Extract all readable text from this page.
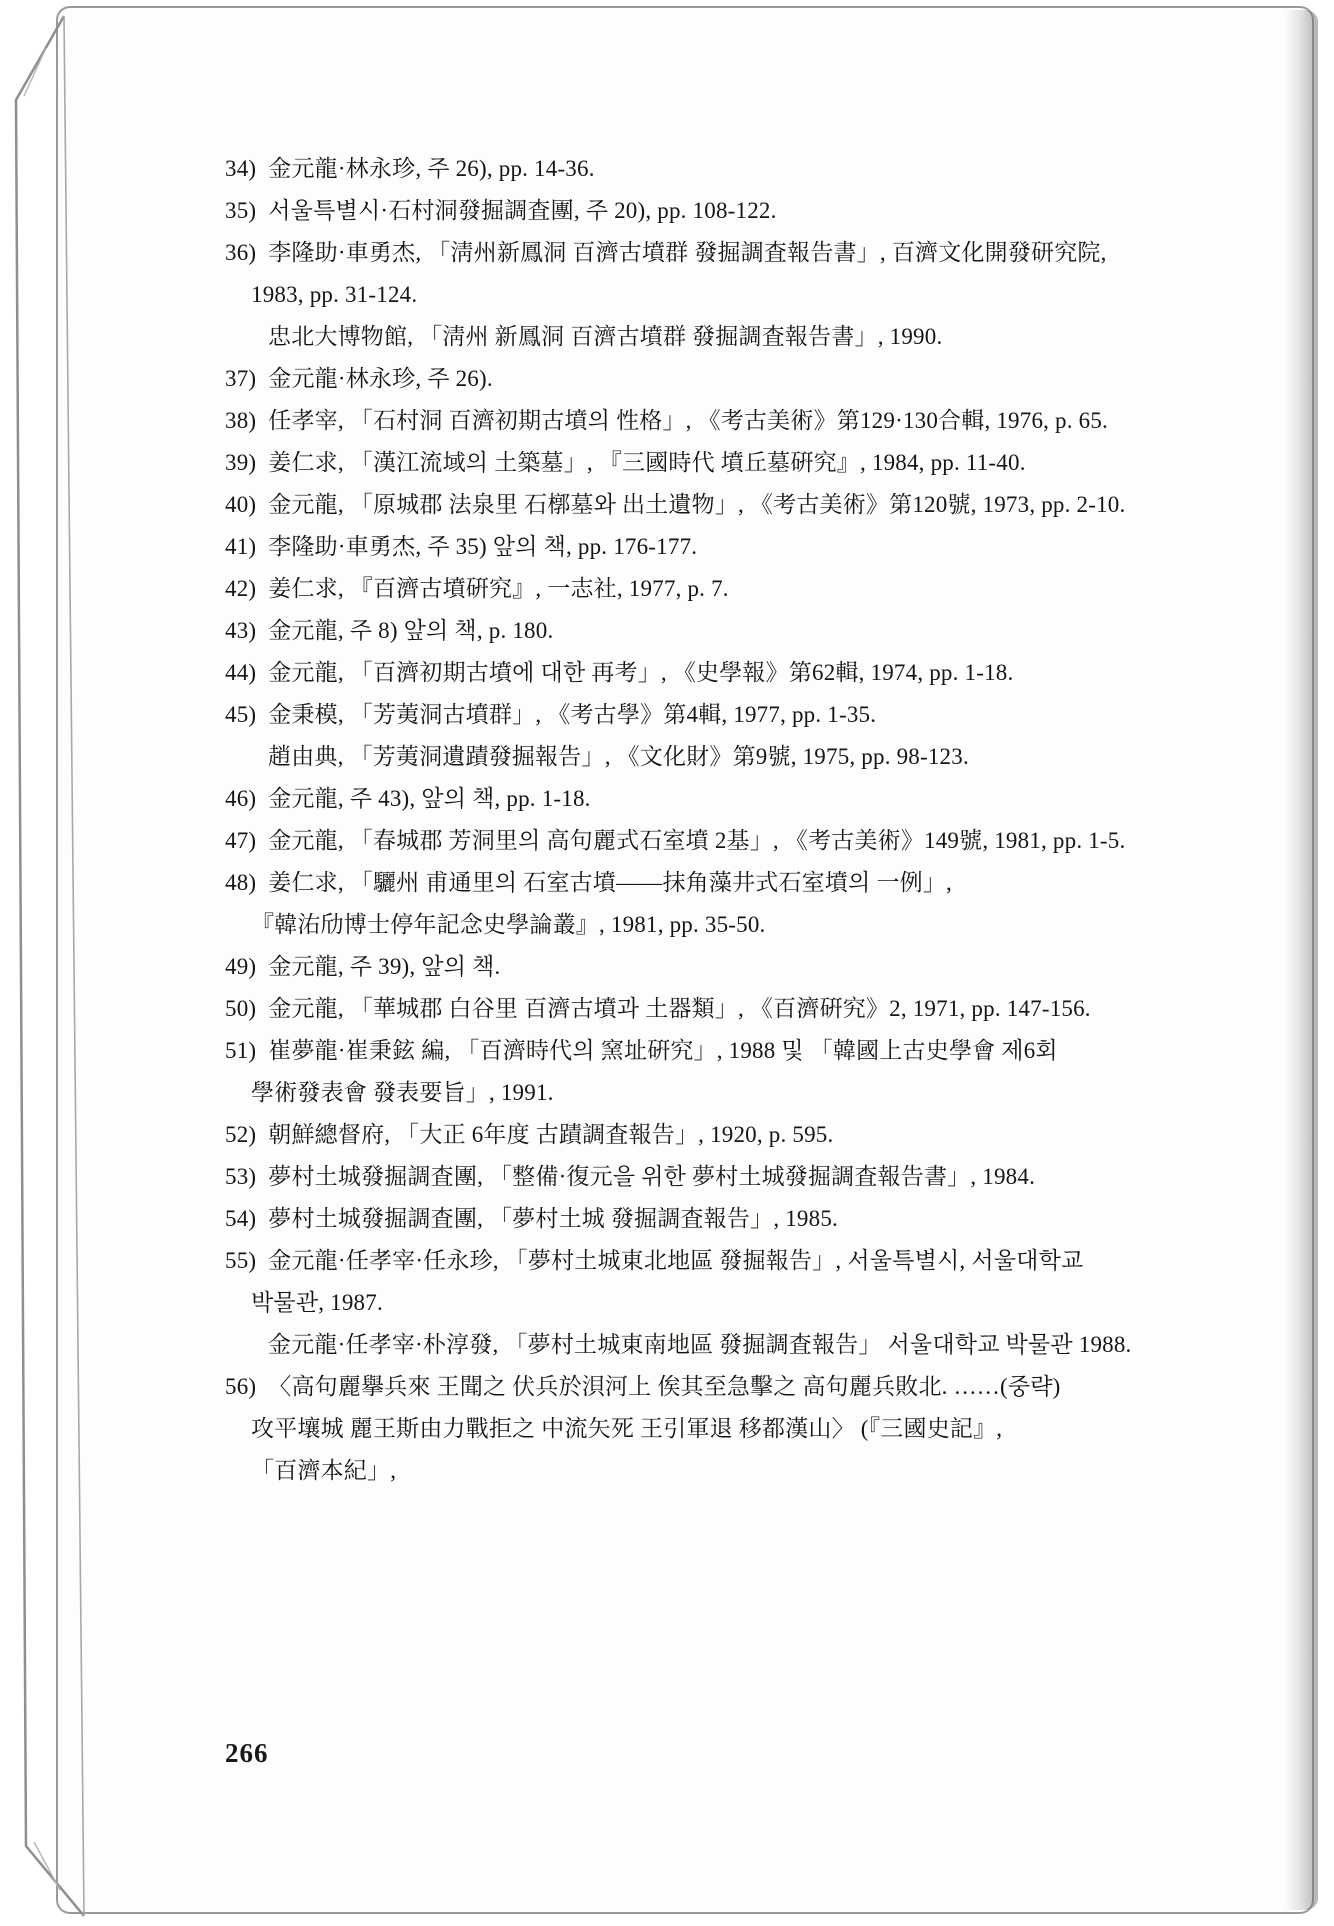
34) 金元龍·林永珍, 주 26), pp. 14-36.

35) 서울특별시·石村洞發掘調査團, 주 20), pp. 108-122.

36) 李隆助·車勇杰, 「淸州新鳳洞 百濟古墳群 發掘調査報告書」, 百濟文化開發研究院, 1983, pp. 31-124.

忠北大博物館, 「淸州 新鳳洞 百濟古墳群 發掘調査報告書」, 1990.

37) 金元龍·林永珍, 주 26).

38) 任孝宰, 「石村洞 百濟初期古墳의 性格」, 《考古美術》第129·130合輯, 1976, p. 65.

39) 姜仁求, 「漢江流域의 土築墓」, 『三國時代 墳丘墓硏究』, 1984, pp. 11-40.

40) 金元龍, 「原城郡 法泉里 石槨墓와 出土遺物」, 《考古美術》第120號, 1973, pp. 2-10.

41) 李隆助·車勇杰, 주 35) 앞의 책, pp. 176-177.

42) 姜仁求, 『百濟古墳硏究』, 一志社, 1977, p. 7.

43) 金元龍, 주 8) 앞의 책, p. 180.

44) 金元龍, 「百濟初期古墳에 대한 再考」, 《史學報》第62輯, 1974, pp. 1-18.

45) 金秉模, 「芳荑洞古墳群」, 《考古學》第4輯, 1977, pp. 1-35.

趙由典, 「芳荑洞遺蹟發掘報告」, 《文化財》第9號, 1975, pp. 98-123.

46) 金元龍, 주 43), 앞의 책, pp. 1-18.

47) 金元龍, 「春城郡 芳洞里의 高句麗式石室墳 2基」, 《考古美術》149號, 1981, pp. 1-5.

48) 姜仁求, 「驪州 甫通里의 石室古墳——抹角藻井式石室墳의 一例」, 『韓㳓劤博士停年記念史學論叢』, 1981, pp. 35-50.

49) 金元龍, 주 39), 앞의 책.

50) 金元龍, 「華城郡 白谷里 百濟古墳과 土器類」, 《百濟硏究》2, 1971, pp. 147-156.

51) 崔夢龍·崔秉鉉 編, 「百濟時代의 窯址硏究」, 1988 및 「韓國上古史學會 제6회 學術發表會 發表要旨」, 1991.

52) 朝鮮總督府, 「大正 6年度 古蹟調査報告」, 1920, p. 595.

53) 夢村土城發掘調査團, 「整備·復元을 위한 夢村土城發掘調査報告書」, 1984.

54) 夢村土城發掘調査團, 「夢村土城 發掘調査報告」, 1985.

55) 金元龍·任孝宰·任永珍, 「夢村土城東北地區 發掘報告」, 서울특별시, 서울대학교 박물관, 1987.

金元龍·任孝宰·朴淳發, 「夢村土城東南地區 發掘調査報告」 서울대학교 박물관 1988.

56) 〈高句麗擧兵來 王聞之 伏兵於浿河上 俟其至急擊之 高句麗兵敗北. ……(중략) 攻平壤城 麗王斯由力戰拒之 中流矢死 王引軍退 移都漢山〉 (『三國史記』, 「百濟本紀」,

266
